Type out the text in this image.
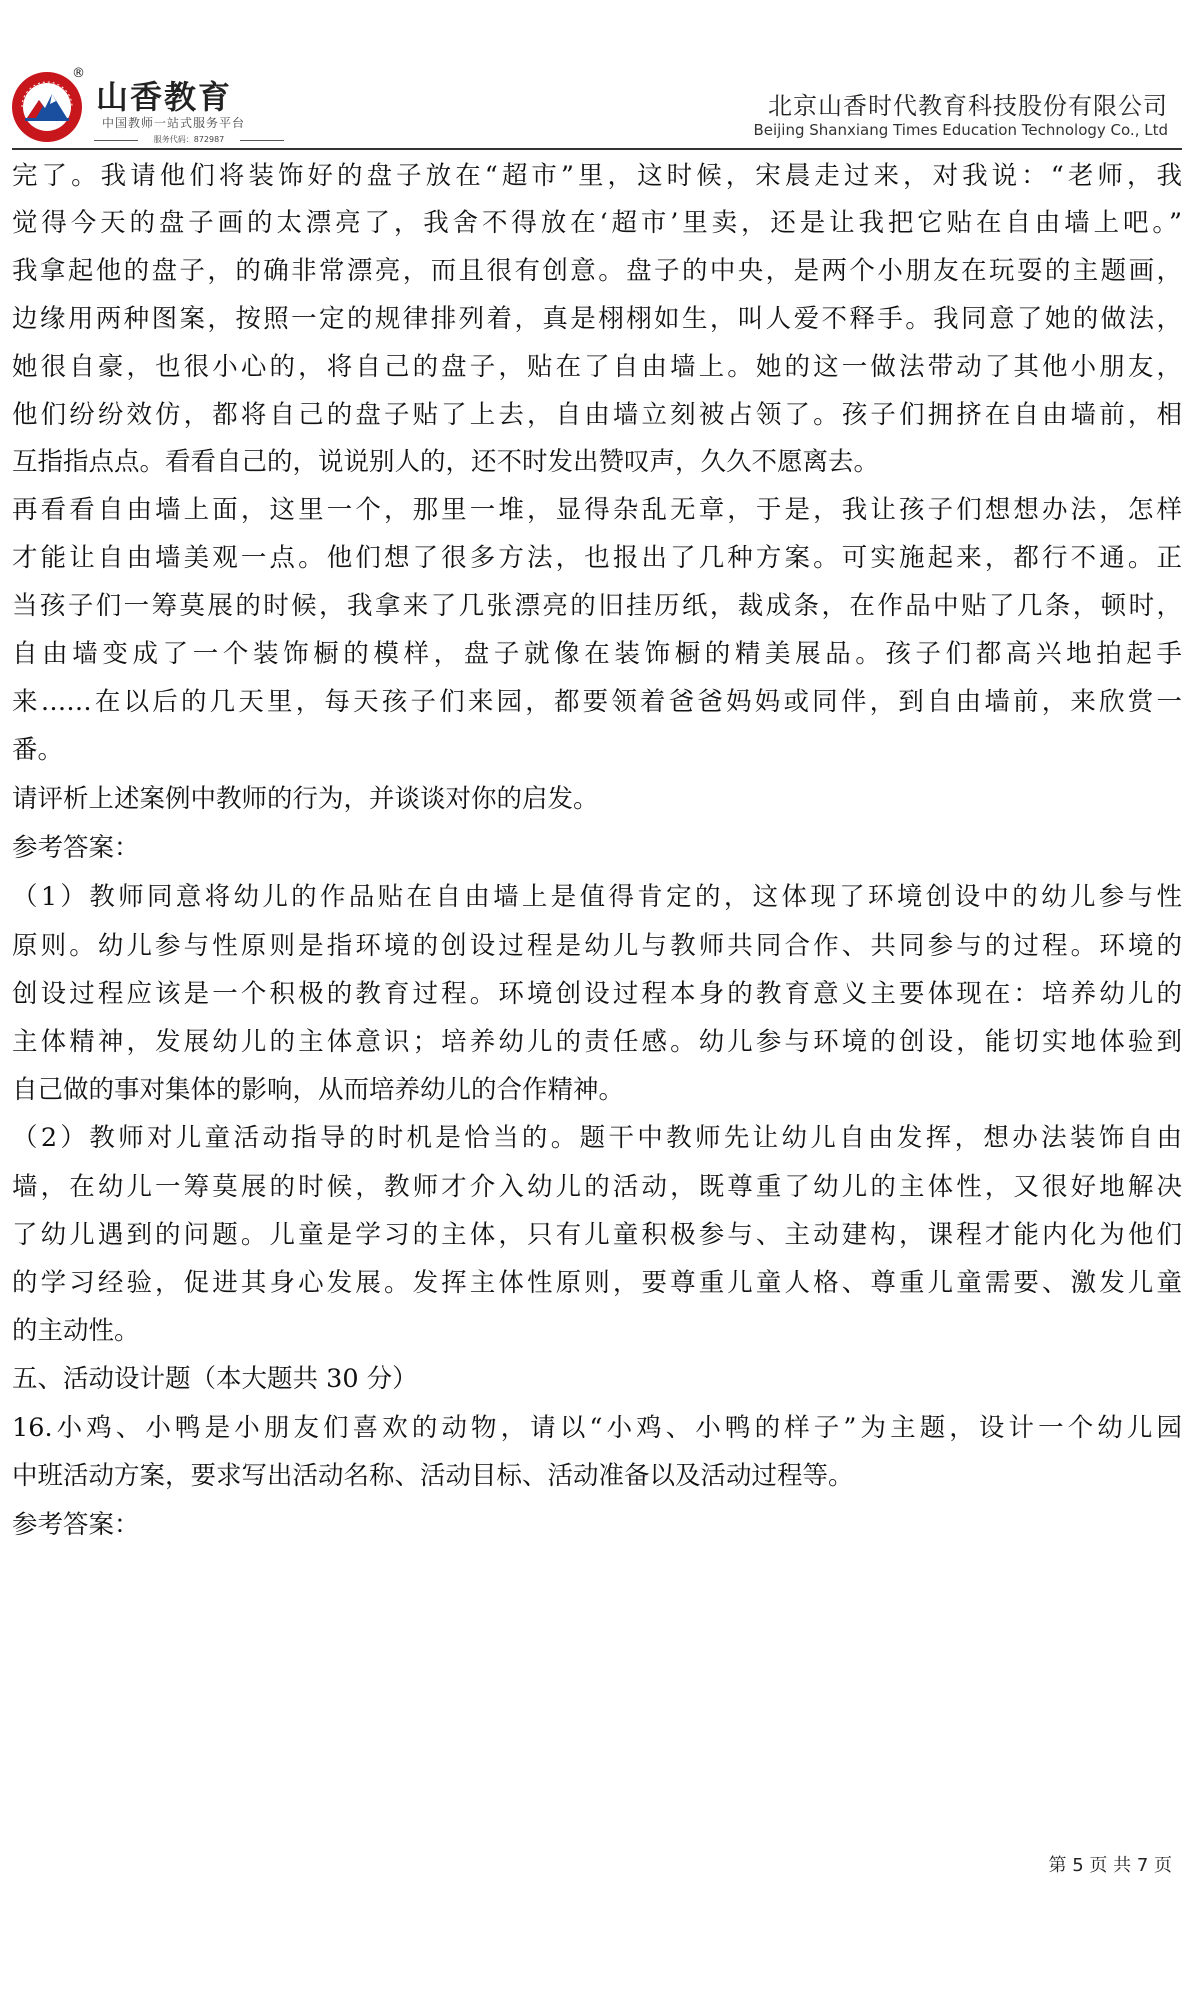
®
山香教育
中国教师一站式服务平台
服务代码：872987
北京山香时代教育科技股份有限公司
Beijing Shanxiang Times Education Technology Co., Ltd
完了。我请他们将装饰好的盘子放在“超市”里，这时候，宋晨走过来，对我说：“老师，我
觉得今天的盘子画的太漂亮了，我舍不得放在‘超市’里卖，还是让我把它贴在自由墙上吧。”
我拿起他的盘子，的确非常漂亮，而且很有创意。盘子的中央，是两个小朋友在玩耍的主题画，
边缘用两种图案，按照一定的规律排列着，真是栩栩如生，叫人爱不释手。我同意了她的做法，
她很自豪，也很小心的，将自己的盘子，贴在了自由墙上。她的这一做法带动了其他小朋友，
他们纷纷效仿，都将自己的盘子贴了上去，自由墙立刻被占领了。孩子们拥挤在自由墙前，相
互指指点点。看看自己的，说说别人的，还不时发出赞叹声，久久不愿离去。
再看看自由墙上面，这里一个，那里一堆，显得杂乱无章，于是，我让孩子们想想办法，怎样
才能让自由墙美观一点。他们想了很多方法，也报出了几种方案。可实施起来，都行不通。正
当孩子们一筹莫展的时候，我拿来了几张漂亮的旧挂历纸，裁成条，在作品中贴了几条，顿时，
自由墙变成了一个装饰橱的模样，盘子就像在装饰橱的精美展品。孩子们都高兴地拍起手
来……在以后的几天里，每天孩子们来园，都要领着爸爸妈妈或同伴，到自由墙前，来欣赏一
番。
请评析上述案例中教师的行为，并谈谈对你的启发。
参考答案：
（1）教师同意将幼儿的作品贴在自由墙上是值得肯定的，这体现了环境创设中的幼儿参与性
原则。幼儿参与性原则是指环境的创设过程是幼儿与教师共同合作、共同参与的过程。环境的
创设过程应该是一个积极的教育过程。环境创设过程本身的教育意义主要体现在：培养幼儿的
主体精神，发展幼儿的主体意识；培养幼儿的责任感。幼儿参与环境的创设，能切实地体验到
自己做的事对集体的影响，从而培养幼儿的合作精神。
（2）教师对儿童活动指导的时机是恰当的。题干中教师先让幼儿自由发挥，想办法装饰自由
墙，在幼儿一筹莫展的时候，教师才介入幼儿的活动，既尊重了幼儿的主体性，又很好地解决
了幼儿遇到的问题。儿童是学习的主体，只有儿童积极参与、主动建构，课程才能内化为他们
的学习经验，促进其身心发展。发挥主体性原则，要尊重儿童人格、尊重儿童需要、激发儿童
的主动性。
五、活动设计题（本大题共 30 分）
16.小鸡、小鸭是小朋友们喜欢的动物，请以“小鸡、小鸭的样子”为主题，设计一个幼儿园
中班活动方案，要求写出活动名称、活动目标、活动准备以及活动过程等。
参考答案：
第 5 页 共 7 页
